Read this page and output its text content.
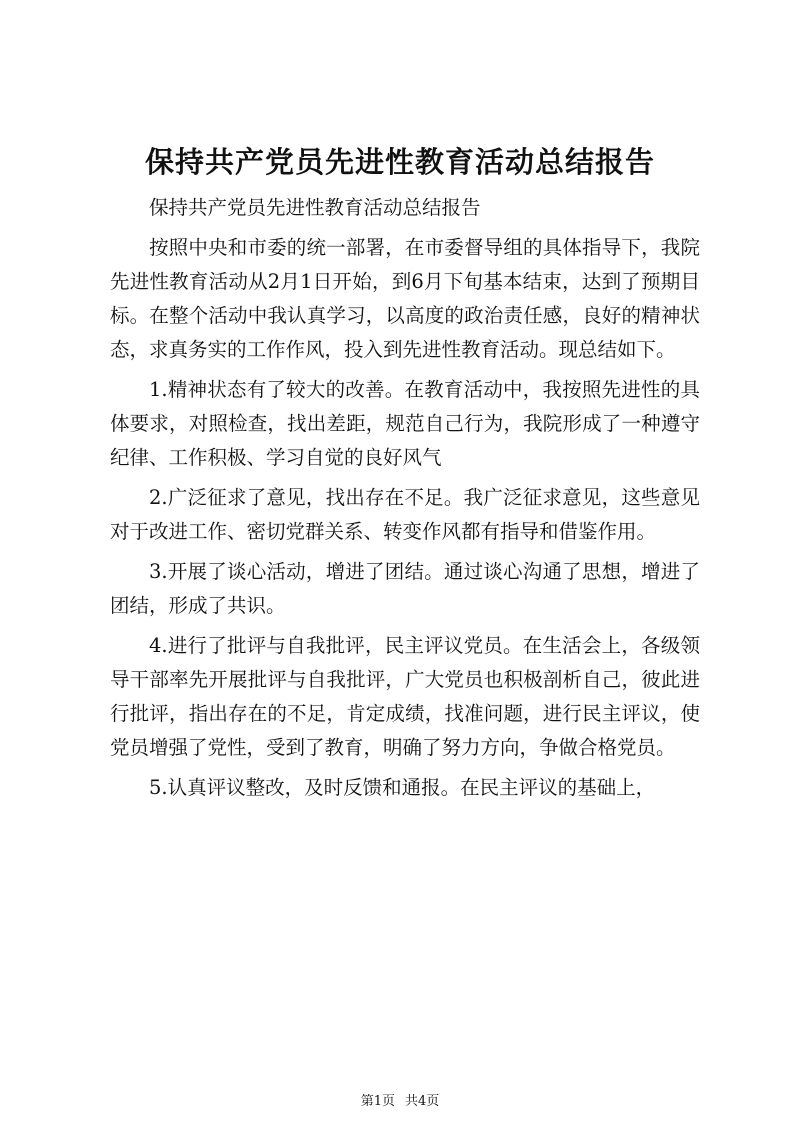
保持共产党员先进性教育活动总结报告

保持共产党员先进性教育活动总结报告

按照中央和市委的统一部署，在市委督导组的具体指导下，我院先进性教育活动从2月1日开始，到6月下旬基本结束，达到了预期目标。在整个活动中我认真学习，以高度的政治责任感，良好的精神状态，求真务实的工作作风，投入到先进性教育活动。现总结如下。

1.精神状态有了较大的改善。在教育活动中，我按照先进性的具体要求，对照检查，找出差距，规范自己行为，我院形成了一种遵守纪律、工作积极、学习自觉的良好风气

2.广泛征求了意见，找出存在不足。我广泛征求意见，这些意见对于改进工作、密切党群关系、转变作风都有指导和借鉴作用。

3.开展了谈心活动，增进了团结。通过谈心沟通了思想，增进了团结，形成了共识。

4.进行了批评与自我批评，民主评议党员。在生活会上，各级领导干部率先开展批评与自我批评，广大党员也积极剖析自己，彼此进行批评，指出存在的不足，肯定成绩，找准问题，进行民主评议，使党员增强了党性，受到了教育，明确了努力方向，争做合格党员。

5.认真评议整改，及时反馈和通报。在民主评议的基础上，

第1页 共4页
